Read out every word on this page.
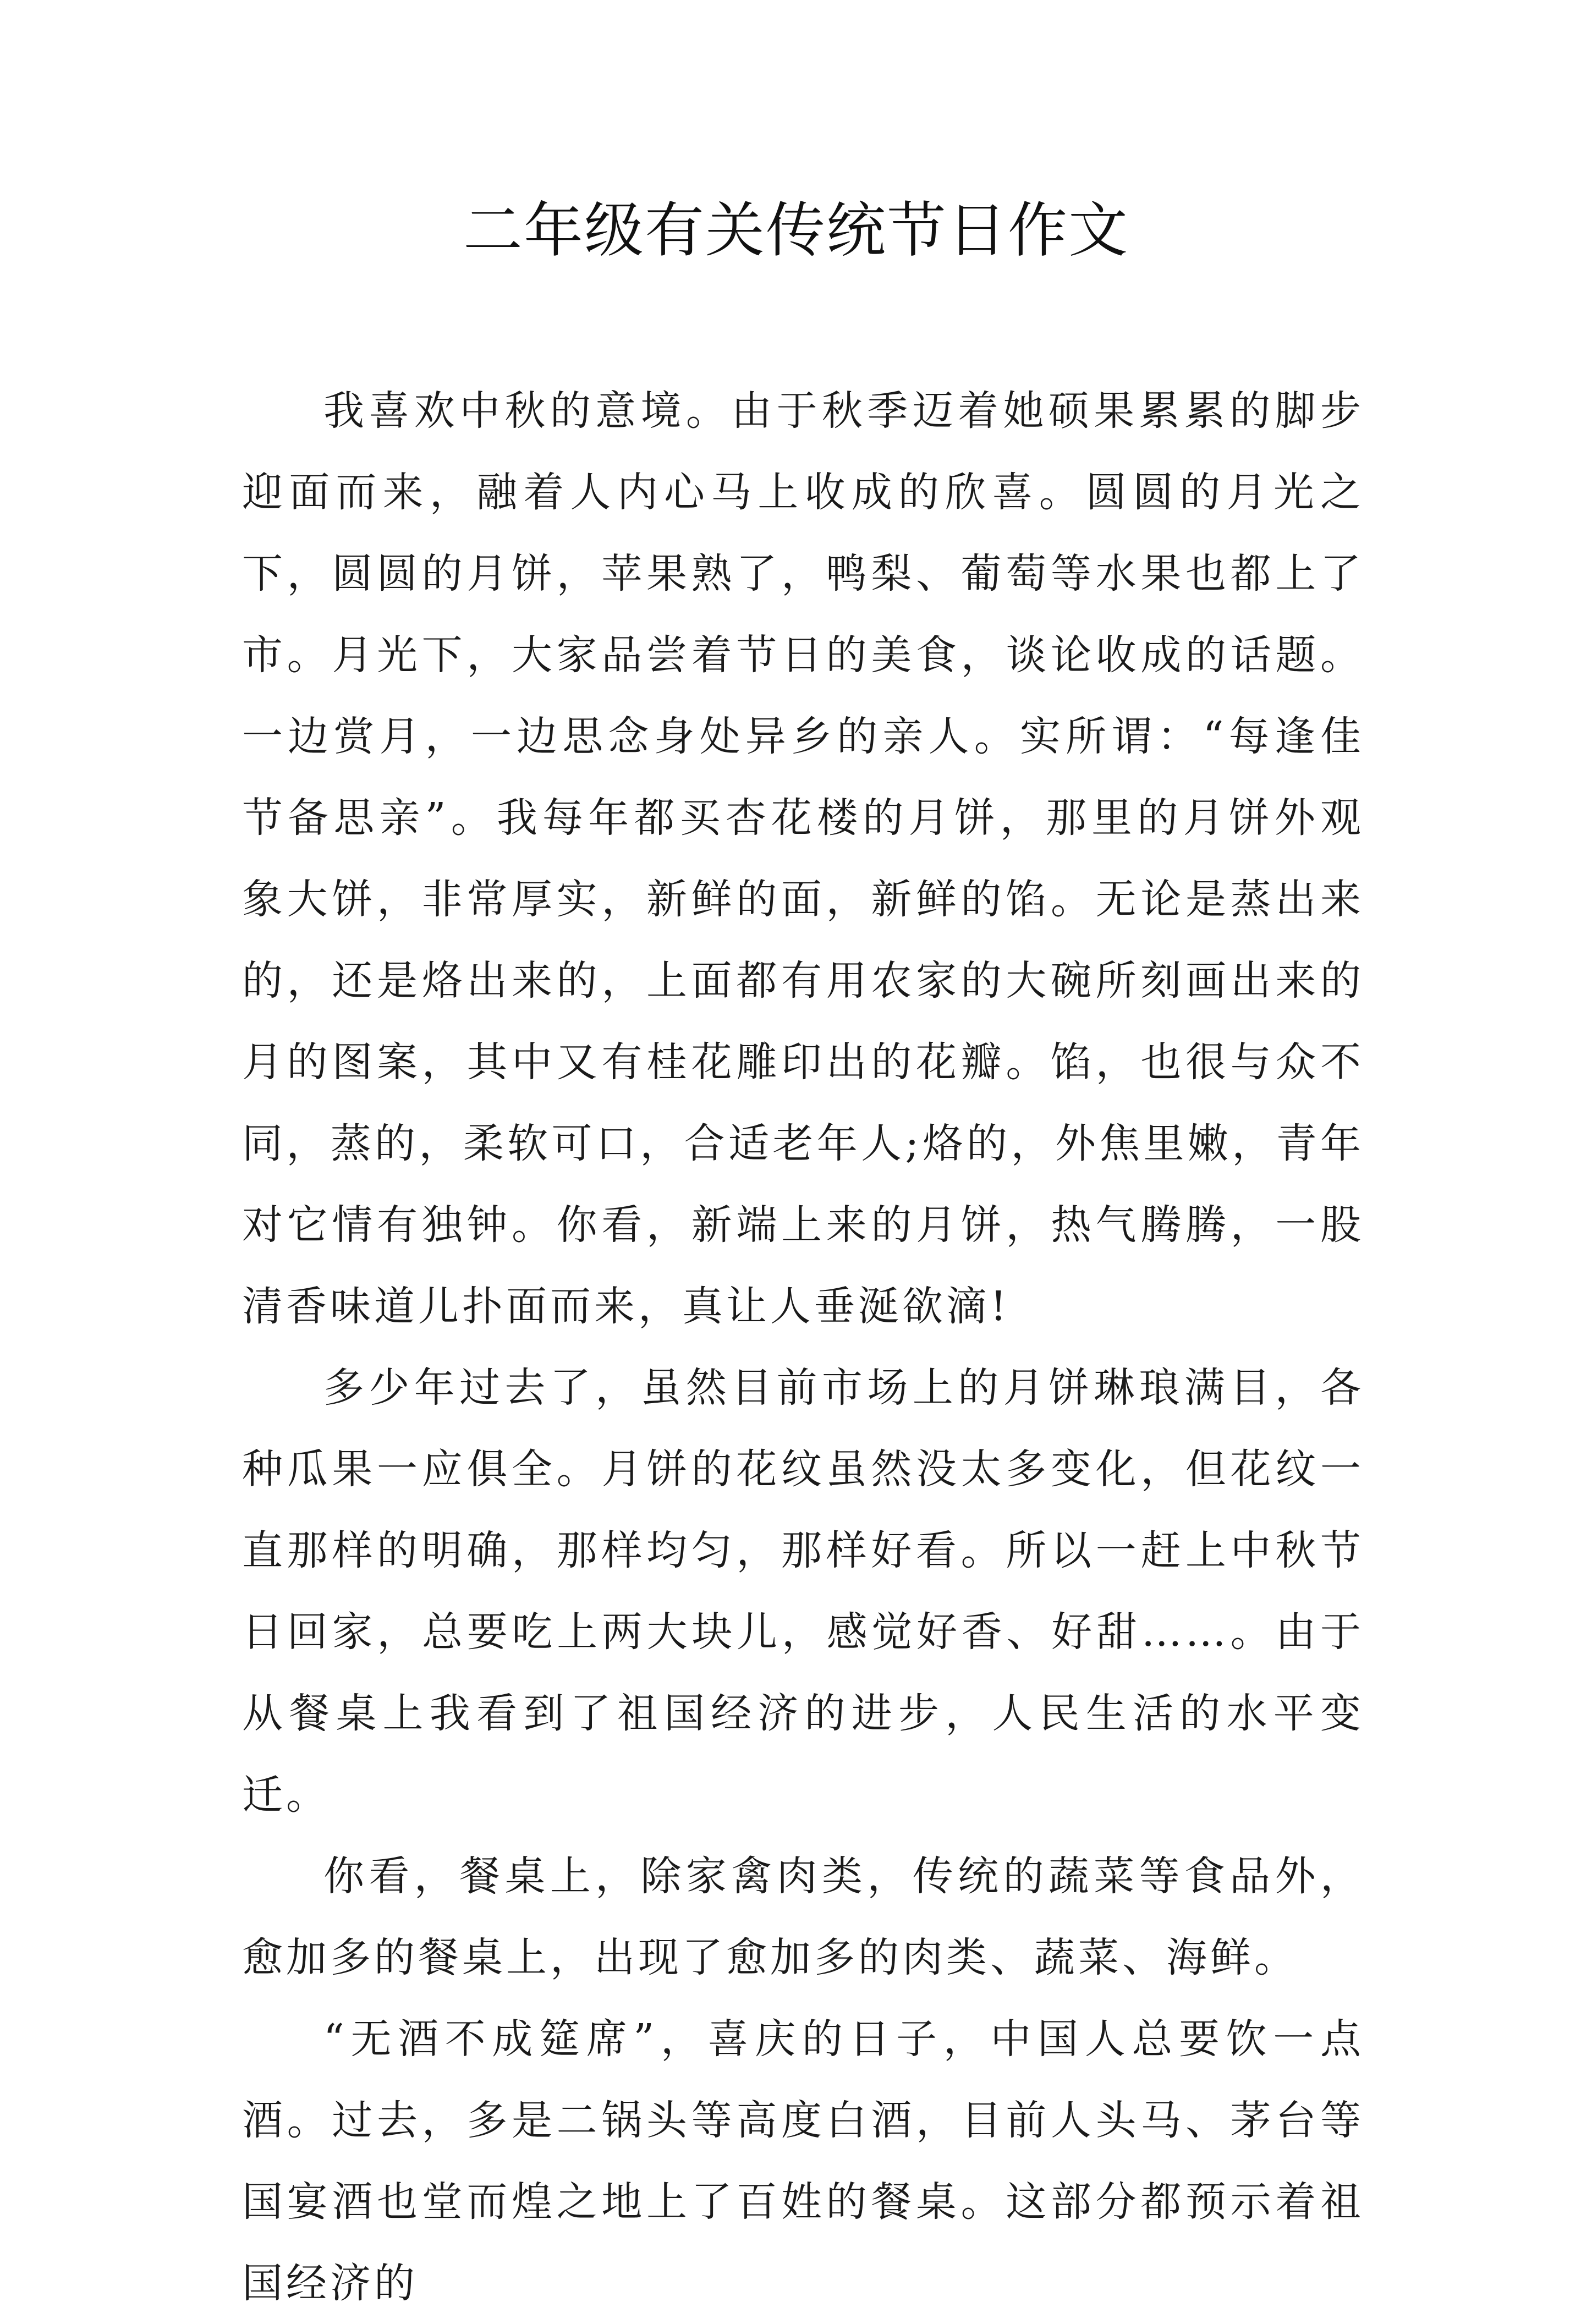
二年级有关传统节日作文

我喜欢中秋的意境。由于秋季迈着她硕果累累的脚步迎面而来，融着人内心马上收成的欣喜。圆圆的月光之下，圆圆的月饼，苹果熟了，鸭梨、葡萄等水果也都上了市。月光下，大家品尝着节日的美食，谈论收成的话题。一边赏月，一边思念身处异乡的亲人。实所谓：“每逢佳节备思亲”。我每年都买杏花楼的月饼，那里的月饼外观象大饼，非常厚实，新鲜的面，新鲜的馅。无论是蒸出来的，还是烙出来的，上面都有用农家的大碗所刻画出来的月的图案，其中又有桂花雕印出的花瓣。馅，也很与众不同，蒸的，柔软可口，合适老年人;烙的，外焦里嫩，青年对它情有独钟。你看，新端上来的月饼，热气腾腾，一股清香味道儿扑面而来，真让人垂涎欲滴!

多少年过去了，虽然目前市场上的月饼琳琅满目，各种瓜果一应俱全。月饼的花纹虽然没太多变化，但花纹一直那样的明确，那样均匀，那样好看。所以一赶上中秋节日回家，总要吃上两大块儿，感觉好香、好甜……。由于从餐桌上我看到了祖国经济的进步，人民生活的水平变迁。

你看，餐桌上，除家禽肉类，传统的蔬菜等食品外，愈加多的餐桌上，出现了愈加多的肉类、蔬菜、海鲜。

“无酒不成筵席”，喜庆的日子，中国人总要饮一点酒。过去，多是二锅头等高度白酒，目前人头马、茅台等国宴酒也堂而煌之地上了百姓的餐桌。这部分都预示着祖国经济的
